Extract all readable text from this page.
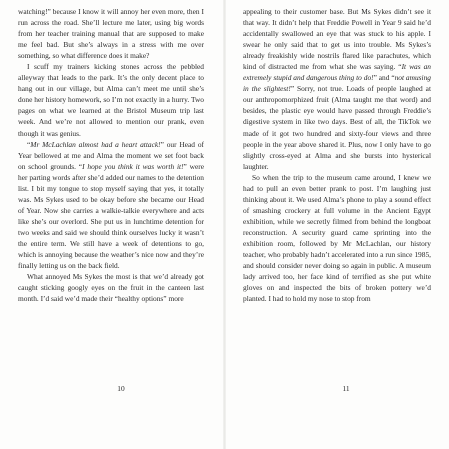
watching!” because I know it will annoy her even more, then I run across the road. She’ll lecture me later, using big words from her teacher training manual that are supposed to make me feel bad. But she’s always in a stress with me over something, so what difference does it make?

I scuff my trainers kicking stones across the pebbled alleyway that leads to the park. It’s the only decent place to hang out in our village, but Alma can’t meet me until she’s done her history homework, so I’m not exactly in a hurry. Two pages on what we learned at the Bristol Museum trip last week. And we’re not allowed to mention our prank, even though it was genius.

“Mr McLachlan almost had a heart attack!” our Head of Year bellowed at me and Alma the moment we set foot back on school grounds. “I hope you think it was worth it!” were her parting words after she’d added our names to the detention list. I bit my tongue to stop myself saying that yes, it totally was. Ms Sykes used to be okay before she became our Head of Year. Now she carries a walkie-talkie everywhere and acts like she’s our overlord. She put us in lunchtime detention for two weeks and said we should think ourselves lucky it wasn’t the entire term. We still have a week of detentions to go, which is annoying because the weather’s nice now and they’re finally letting us on the back field.

What annoyed Ms Sykes the most is that we’d already got caught sticking googly eyes on the fruit in the canteen last month. I’d said we’d made their “healthy options” more

10

appealing to their customer base. But Ms Sykes didn’t see it that way. It didn’t help that Freddie Powell in Year 9 said he’d accidentally swallowed an eye that was stuck to his apple. I swear he only said that to get us into trouble. Ms Sykes’s already freakishly wide nostrils flared like parachutes, which kind of distracted me from what she was saying. “It was an extremely stupid and dangerous thing to do!” and “not amusing in the slightest!” Sorry, not true. Loads of people laughed at our anthropomorphized fruit (Alma taught me that word) and besides, the plastic eye would have passed through Freddie’s digestive system in like two days. Best of all, the TikTok we made of it got two hundred and sixty-four views and three people in the year above shared it. Plus, now I only have to go slightly cross-eyed at Alma and she bursts into hysterical laughter.

So when the trip to the museum came around, I knew we had to pull an even better prank to post. I’m laughing just thinking about it. We used Alma’s phone to play a sound effect of smashing crockery at full volume in the Ancient Egypt exhibition, while we secretly filmed from behind the longboat reconstruction. A security guard came sprinting into the exhibition room, followed by Mr McLachlan, our history teacher, who probably hadn’t accelerated into a run since 1985, and should consider never doing so again in public. A museum lady arrived too, her face kind of terrified as she put white gloves on and inspected the bits of broken pottery we’d planted. I had to hold my nose to stop from

11
